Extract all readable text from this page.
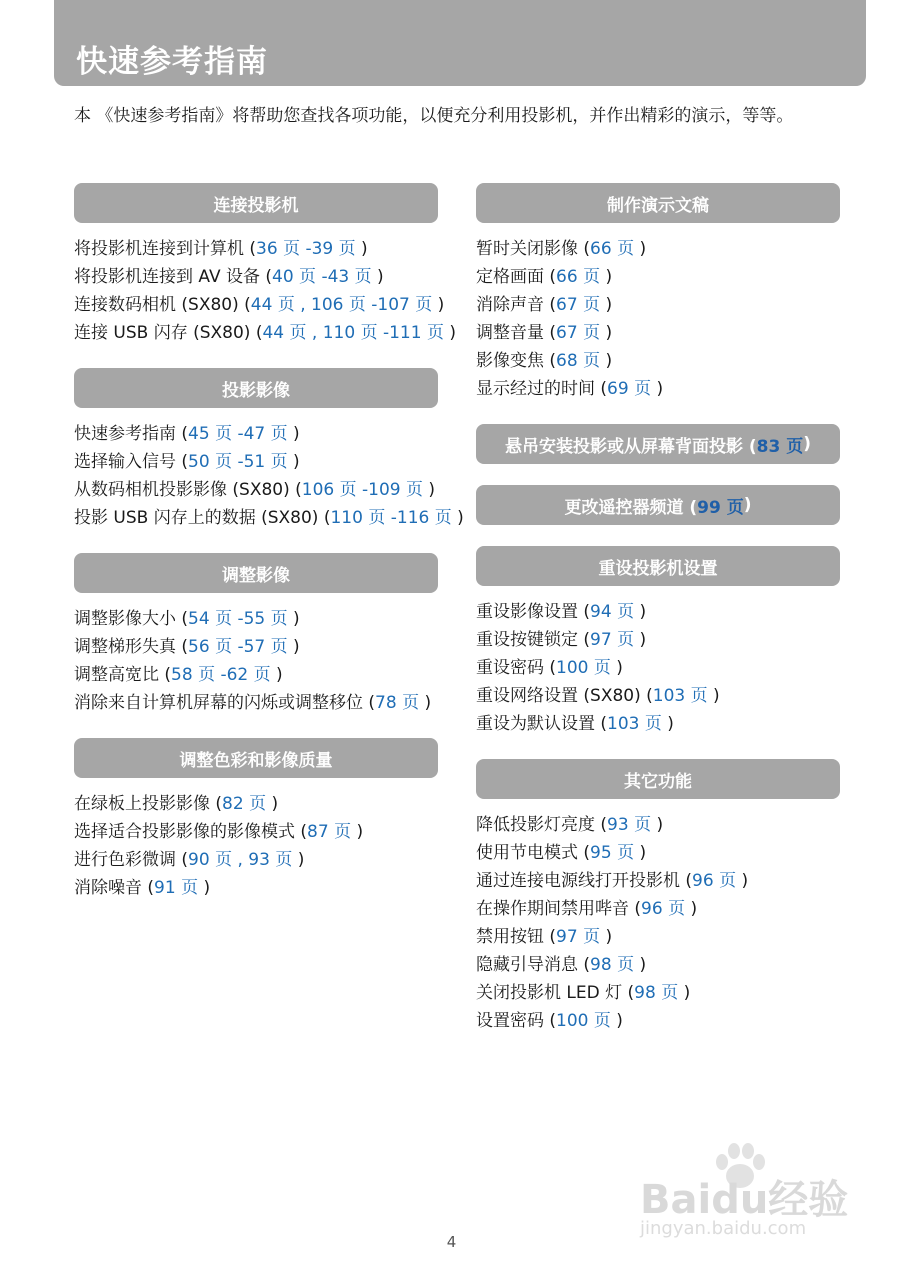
快速参考指南
本 《快速参考指南》将帮助您查找各项功能，以便充分利用投影机，并作出精彩的演示，等等。
连接投影机
将投影机连接到计算机 (36 页 -39 页 )
将投影机连接到 AV 设备 (40 页 -43 页 )
连接数码相机 (SX80) (44 页 , 106 页 -107 页 )
连接 USB 闪存 (SX80) (44 页 , 110 页 -111 页 )
投影影像
快速参考指南 (45 页 -47 页 )
选择输入信号 (50 页 -51 页 )
从数码相机投影影像 (SX80) (106 页 -109 页 )
投影 USB 闪存上的数据 (SX80) (110 页 -116 页 )
调整影像
调整影像大小 (54 页 -55 页 )
调整梯形失真 (56 页 -57 页 )
调整高宽比 (58 页 -62 页 )
消除来自计算机屏幕的闪烁或调整移位 (78 页 )
调整色彩和影像质量
在绿板上投影影像 (82 页 )
选择适合投影影像的影像模式 (87 页 )
进行色彩微调 (90 页 , 93 页 )
消除噪音 (91 页 )
制作演示文稿
暂时关闭影像 (66 页 )
定格画面 (66 页 )
消除声音 (67 页 )
调整音量 (67 页 )
影像变焦 (68 页 )
显示经过的时间 (69 页 )
悬吊安装投影或从屏幕背面投影 ( 83 页 )
更改遥控器频道 ( 99 页 )
重设投影机设置
重设影像设置 (94 页 )
重设按键锁定 (97 页 )
重设密码 (100 页 )
重设网络设置 (SX80) (103 页 )
重设为默认设置 (103 页 )
其它功能
降低投影灯亮度 (93 页 )
使用节电模式 (95 页 )
通过连接电源线打开投影机 (96 页 )
在操作期间禁用哔音 (96 页 )
禁用按钮 (97 页 )
隐藏引导消息 (98 页 )
关闭投影机 LED 灯 (98 页 )
设置密码 (100 页 )
Baidu经验
jingyan.baidu.com
4
